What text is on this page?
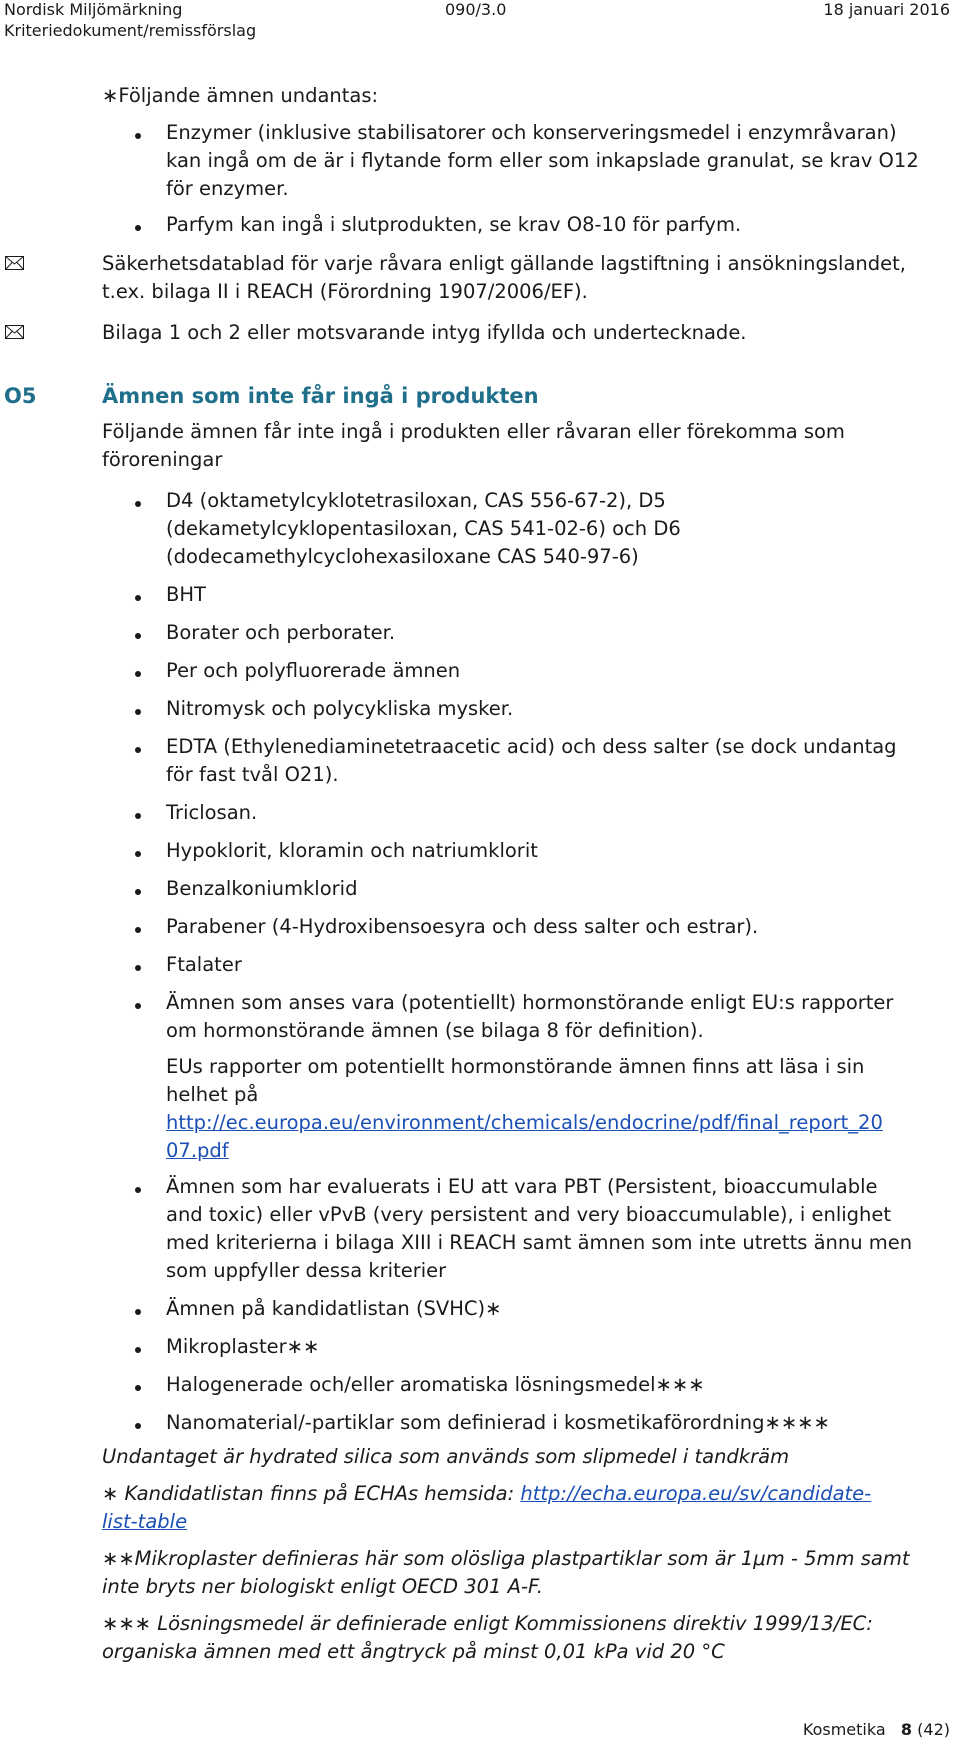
Nordisk Miljömärkning	090/3.0	18 januari 2016
Kriteriedokument/remissförslag
∗Följande ämnen undantas:
Enzymer (inklusive stabilisatorer och konserveringsmedel i enzymråvaran)
kan ingå om de är i flytande form eller som inkapslade granulat, se krav O12
för enzymer.
Parfym kan ingå i slutprodukten, se krav O8-10 för parfym.
Säkerhetsdatablad för varje råvara enligt gällande lagstiftning i ansökningslandet,
t.ex. bilaga II i REACH (Förordning 1907/2006/EF).
Bilaga 1 och 2 eller motsvarande intyg ifyllda och undertecknade.
O5	Ämnen som inte får ingå i produkten
Följande ämnen får inte ingå i produkten eller råvaran eller förekomma som
föroreningar
D4 (oktametylcyklotetrasiloxan, CAS 556-67-2), D5
(dekametylcyklopentasiloxan, CAS 541-02-6) och D6
(dodecamethylcyclohexasiloxane CAS 540-97-6)
BHT
Borater och perborater.
Per och polyfluorerade ämnen
Nitromysk och polycykliska mysker.
EDTA (Ethylenediaminetetraacetic acid) och dess salter (se dock undantag
för fast tvål O21).
Triclosan.
Hypoklorit, kloramin och natriumklorit
Benzalkoniumklorid
Parabener (4-Hydroxibensoesyra och dess salter och estrar).
Ftalater
Ämnen som anses vara (potentiellt) hormonstörande enligt EU:s rapporter
om hormonstörande ämnen (se bilaga 8 för definition).
EUs rapporter om potentiellt hormonstörande ämnen finns att läsa i sin
helhet på
http://ec.europa.eu/environment/chemicals/endocrine/pdf/final_report_20
07.pdf
Ämnen som har evaluerats i EU att vara PBT (Persistent, bioaccumulable
and toxic) eller vPvB (very persistent and very bioaccumulable), i enlighet
med kriterierna i bilaga XIII i REACH samt ämnen som inte utretts ännu men
som uppfyller dessa kriterier
Ämnen på kandidatlistan (SVHC)∗
Mikroplaster∗∗
Halogenerade och/eller aromatiska lösningsmedel∗∗∗
Nanomaterial/-partiklar som definierad i kosmetikaförordning∗∗∗∗
Undantaget är hydrated silica som används som slipmedel i tandkräm
∗ Kandidatlistan finns på ECHAs hemsida: http://echa.europa.eu/sv/candidate-
list-table
∗∗Mikroplaster definieras här som olösliga plastpartiklar som är 1μm - 5mm samt
inte bryts ner biologiskt enligt OECD 301 A-F.
∗∗∗ Lösningsmedel är definierade enligt Kommissionens direktiv 1999/13/EC:
organiska ämnen med ett ångtryck på minst 0,01 kPa vid 20 °C
Kosmetika 8 (42)
